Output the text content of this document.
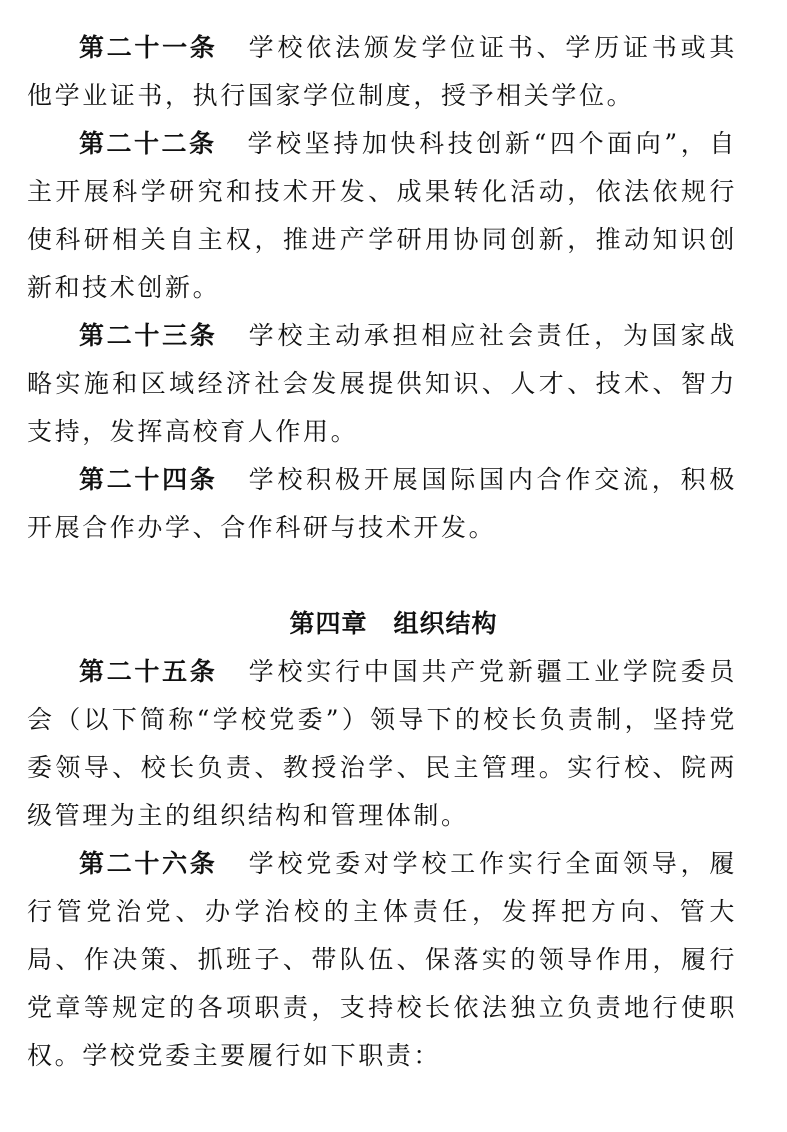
第二十一条 学校依法颁发学位证书、学历证书或其他学业证书，执行国家学位制度，授予相关学位。

第二十二条 学校坚持加快科技创新“四个面向”，自主开展科学研究和技术开发、成果转化活动，依法依规行使科研相关自主权，推进产学研用协同创新，推动知识创新和技术创新。

第二十三条 学校主动承担相应社会责任，为国家战略实施和区域经济社会发展提供知识、人才、技术、智力支持，发挥高校育人作用。

第二十四条 学校积极开展国际国内合作交流，积极开展合作办学、合作科研与技术开发。

第四章 组织结构

第二十五条 学校实行中国共产党新疆工业学院委员会（以下简称“学校党委”）领导下的校长负责制，坚持党委领导、校长负责、教授治学、民主管理。实行校、院两级管理为主的组织结构和管理体制。

第二十六条 学校党委对学校工作实行全面领导，履行管党治党、办学治校的主体责任，发挥把方向、管大局、作决策、抓班子、带队伍、保落实的领导作用，履行党章等规定的各项职责，支持校长依法独立负责地行使职权。学校党委主要履行如下职责：
